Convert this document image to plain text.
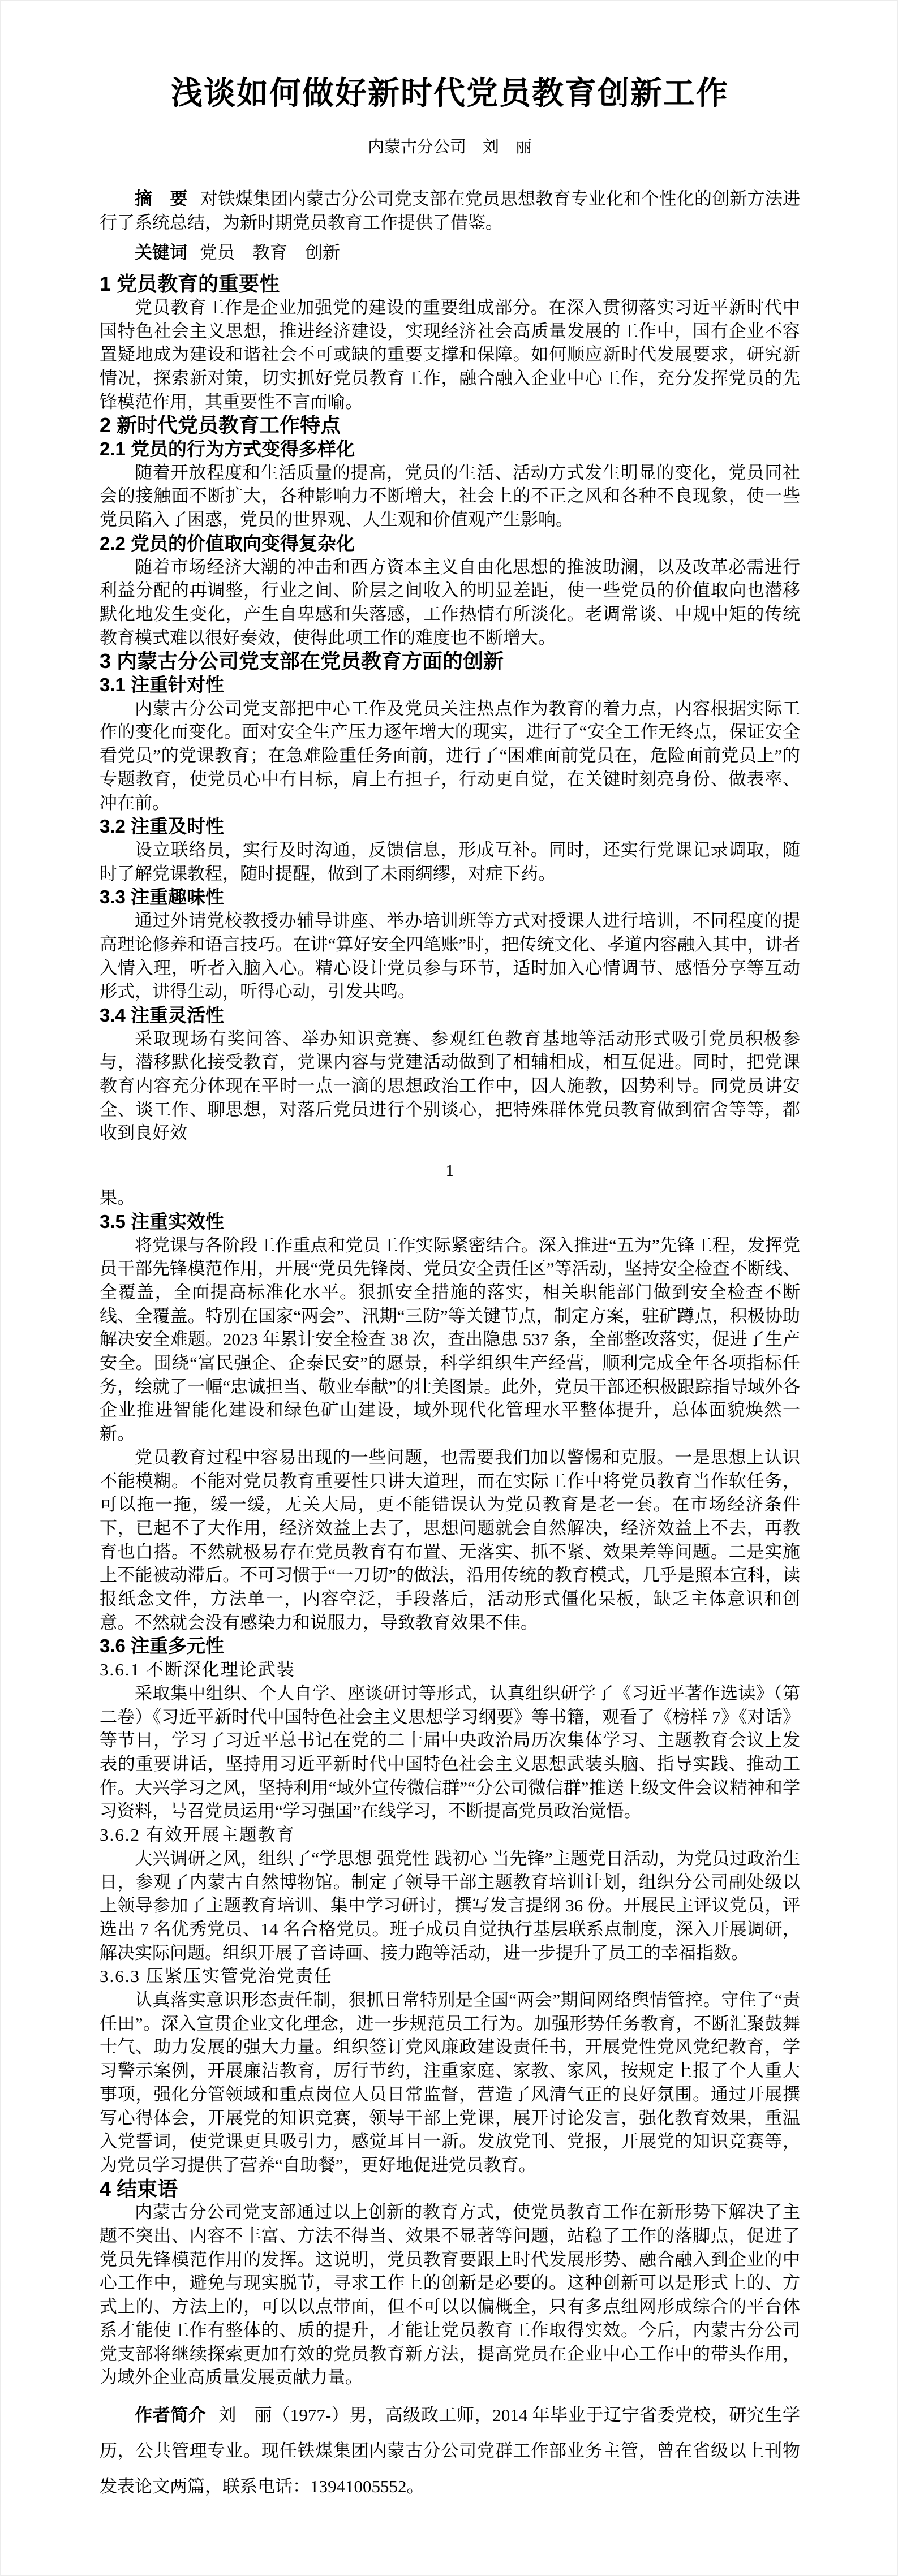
浅谈如何做好新时代党员教育创新工作
内蒙古分公司　刘　丽

摘　要 对铁煤集团内蒙古分公司党支部在党员思想教育专业化和个性化的创新方法进行了系统总结，为新时期党员教育工作提供了借鉴。

关键词 党员　教育　创新

1 党员教育的重要性

党员教育工作是企业加强党的建设的重要组成部分。在深入贯彻落实习近平新时代中国特色社会主义思想，推进经济建设，实现经济社会高质量发展的工作中，国有企业不容置疑地成为建设和谐社会不可或缺的重要支撑和保障。如何顺应新时代发展要求，研究新情况，探索新对策，切实抓好党员教育工作，融合融入企业中心工作，充分发挥党员的先锋模范作用，其重要性不言而喻。

2 新时代党员教育工作特点
2.1 党员的行为方式变得多样化

随着开放程度和生活质量的提高，党员的生活、活动方式发生明显的变化，党员同社会的接触面不断扩大，各种影响力不断增大，社会上的不正之风和各种不良现象，使一些党员陷入了困惑，党员的世界观、人生观和价值观产生影响。

2.2 党员的价值取向变得复杂化

随着市场经济大潮的冲击和西方资本主义自由化思想的推波助澜，以及改革必需进行利益分配的再调整，行业之间、阶层之间收入的明显差距，使一些党员的价值取向也潜移默化地发生变化，产生自卑感和失落感，工作热情有所淡化。老调常谈、中规中矩的传统教育模式难以很好奏效，使得此项工作的难度也不断增大。

3 内蒙古分公司党支部在党员教育方面的创新
3.1 注重针对性

内蒙古分公司党支部把中心工作及党员关注热点作为教育的着力点，内容根据实际工作的变化而变化。面对安全生产压力逐年增大的现实，进行了“安全工作无终点，保证安全看党员”的党课教育；在急难险重任务面前，进行了“困难面前党员在，危险面前党员上”的专题教育，使党员心中有目标，肩上有担子，行动更自觉，在关键时刻亮身份、做表率、冲在前。

3.2 注重及时性

设立联络员，实行及时沟通，反馈信息，形成互补。同时，还实行党课记录调取，随时了解党课教程，随时提醒，做到了未雨绸缪，对症下药。

3.3 注重趣味性

通过外请党校教授办辅导讲座、举办培训班等方式对授课人进行培训，不同程度的提高理论修养和语言技巧。在讲“算好安全四笔账”时，把传统文化、孝道内容融入其中，讲者入情入理，听者入脑入心。精心设计党员参与环节，适时加入心情调节、感悟分享等互动形式，讲得生动，听得心动，引发共鸣。

3.4 注重灵活性

采取现场有奖问答、举办知识竞赛、参观红色教育基地等活动形式吸引党员积极参与，潜移默化接受教育，党课内容与党建活动做到了相辅相成，相互促进。同时，把党课教育内容充分体现在平时一点一滴的思想政治工作中，因人施教，因势利导。同党员讲安全、谈工作、聊思想，对落后党员进行个别谈心，把特殊群体党员教育做到宿舍等等，都收到良好效

1

果。

3.5 注重实效性

将党课与各阶段工作重点和党员工作实际紧密结合。深入推进“五为”先锋工程，发挥党员干部先锋模范作用，开展“党员先锋岗、党员安全责任区”等活动，坚持安全检查不断线、全覆盖，全面提高标准化水平。狠抓安全措施的落实，相关职能部门做到安全检查不断线、全覆盖。特别在国家“两会”、汛期“三防”等关键节点，制定方案，驻矿蹲点，积极协助解决安全难题。2023 年累计安全检查 38 次，查出隐患 537 条，全部整改落实，促进了生产安全。围绕“富民强企、企泰民安”的愿景，科学组织生产经营，顺利完成全年各项指标任务，绘就了一幅“忠诚担当、敬业奉献”的壮美图景。此外，党员干部还积极跟踪指导域外各企业推进智能化建设和绿色矿山建设，域外现代化管理水平整体提升，总体面貌焕然一新。

党员教育过程中容易出现的一些问题，也需要我们加以警惕和克服。一是思想上认识不能模糊。不能对党员教育重要性只讲大道理，而在实际工作中将党员教育当作软任务，可以拖一拖，缓一缓，无关大局，更不能错误认为党员教育是老一套。在市场经济条件下，已起不了大作用，经济效益上去了，思想问题就会自然解决，经济效益上不去，再教育也白搭。不然就极易存在党员教育有布置、无落实、抓不紧、效果差等问题。二是实施上不能被动滞后。不可习惯于“一刀切”的做法，沿用传统的教育模式，几乎是照本宣科，读报纸念文件，方法单一，内容空泛，手段落后，活动形式僵化呆板，缺乏主体意识和创意。不然就会没有感染力和说服力，导致教育效果不佳。

3.6 注重多元性
3.6.1 不断深化理论武装

采取集中组织、个人自学、座谈研讨等形式，认真组织研学了《习近平著作选读》（第二卷）《习近平新时代中国特色社会主义思想学习纲要》等书籍，观看了《榜样 7》《对话》等节目，学习了习近平总书记在党的二十届中央政治局历次集体学习、主题教育会议上发表的重要讲话，坚持用习近平新时代中国特色社会主义思想武装头脑、指导实践、推动工作。大兴学习之风，坚持利用“域外宣传微信群”“分公司微信群”推送上级文件会议精神和学习资料，号召党员运用“学习强国”在线学习，不断提高党员政治觉悟。

3.6.2 有效开展主题教育

大兴调研之风，组织了“学思想 强党性 践初心 当先锋”主题党日活动，为党员过政治生日，参观了内蒙古自然博物馆。制定了领导干部主题教育培训计划，组织分公司副处级以上领导参加了主题教育培训、集中学习研讨，撰写发言提纲 36 份。开展民主评议党员，评选出 7 名优秀党员、14 名合格党员。班子成员自觉执行基层联系点制度，深入开展调研，解决实际问题。组织开展了音诗画、接力跑等活动，进一步提升了员工的幸福指数。

3.6.3 压紧压实管党治党责任

认真落实意识形态责任制，狠抓日常特别是全国“两会”期间网络舆情管控。守住了“责任田”。深入宣贯企业文化理念，进一步规范员工行为。加强形势任务教育，不断汇聚鼓舞士气、助力发展的强大力量。组织签订党风廉政建设责任书，开展党性党风党纪教育，学习警示案例，开展廉洁教育，厉行节约，注重家庭、家教、家风，按规定上报了个人重大事项，强化分管领域和重点岗位人员日常监督，营造了风清气正的良好氛围。通过开展撰写心得体会，开展党的知识竞赛，领导干部上党课，展开讨论发言，强化教育效果，重温入党誓词，使党课更具吸引力，感觉耳目一新。发放党刊、党报，开展党的知识竞赛等，为党员学习提供了营养“自助餐”，更好地促进党员教育。

4 结束语

内蒙古分公司党支部通过以上创新的教育方式，使党员教育工作在新形势下解决了主题不突出、内容不丰富、方法不得当、效果不显著等问题，站稳了工作的落脚点，促进了党员先锋模范作用的发挥。这说明，党员教育要跟上时代发展形势、融合融入到企业的中心工作中，避免与现实脱节，寻求工作上的创新是必要的。这种创新可以是形式上的、方式上的、方法上的，可以以点带面，但不可以以偏概全，只有多点组网形成综合的平台体系才能使工作有整体的、质的提升，才能让党员教育工作取得实效。今后，内蒙古分公司党支部将继续探索更加有效的党员教育新方法，提高党员在企业中心工作中的带头作用，为域外企业高质量发展贡献力量。

作者简介 刘　丽（1977-）男，高级政工师，2014 年毕业于辽宁省委党校，研究生学历，公共管理专业。现任铁煤集团内蒙古分公司党群工作部业务主管，曾在省级以上刊物发表论文两篇，联系电话：13941005552。
